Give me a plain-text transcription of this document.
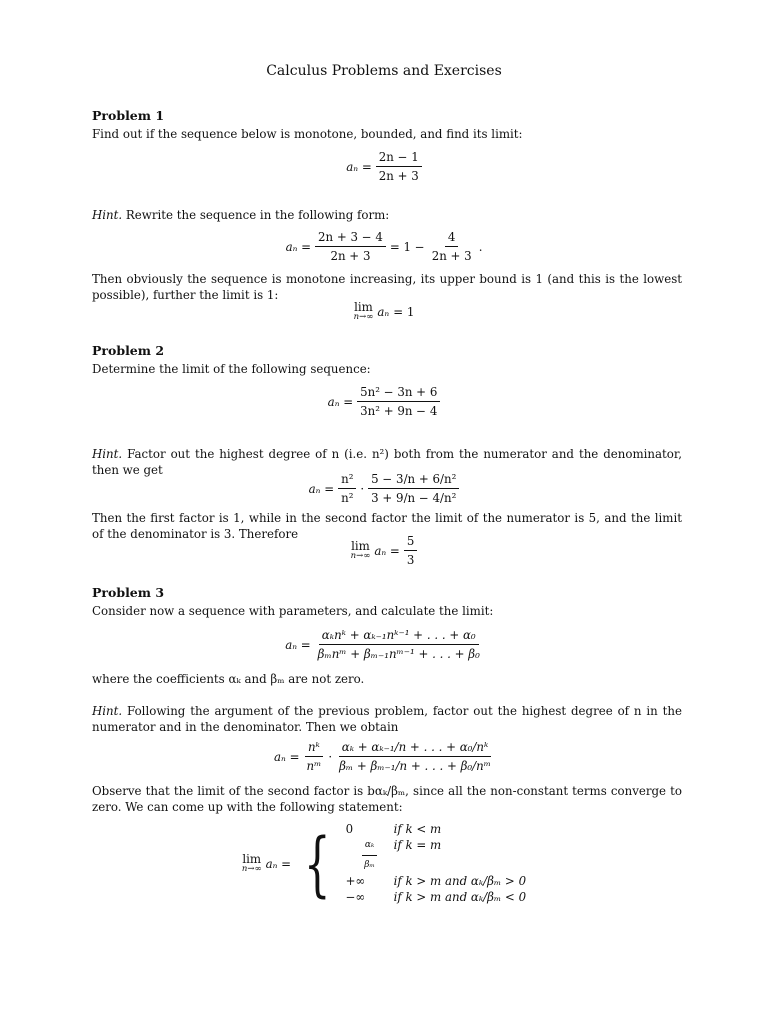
Calculus Problems and Exercises
Problem 1
Find out if the sequence below is monotone, bounded, and find its limit:
$a_n = \frac{2n - 1}{2n + 3}$
Hint. Rewrite the sequence in the following form:
$a_n = \frac{2n + 3 - 4}{2n + 3} = 1 - \frac{4}{2n + 3}$ .
Then obviously the sequence is monotone increasing, its upper bound is 1 (and this is the lowest possible), further the limit is 1:
lim
n→∞ aₙ = 1
Problem 2
Determine the limit of the following sequence:
$a_n = \frac{\text{5n² − 3n + 6}}{\text{3n² + 9n − 4}}$
Hint. Factor out the highest degree of n (i.e. n²) both from the numerator and the denominator, then we get
$a_n = \frac{\text{n²}}{\text{n²}} \cdot \frac{\text{5 − 3/n + 6/n²}}{\text{3 + 9/n − 4/n²}}$
Then the first factor is 1, while in the second factor the limit of the numerator is 5, and the limit of the denominator is 3. Therefore
lim
n→∞ $a_n = \frac{5}{3}$
Problem 3
Consider now a sequence with parameters, and calculate the limit:
$a_n = \frac{\text{αₖnᵏ + αₖ₋₁nᵏ⁻¹ + . . . + α₀}}{\text{βₘnᵐ + βₘ₋₁nᵐ⁻¹ + . . . + β₀}}$
where the coefficients αₖ and βₘ are not zero.
Hint. Following the argument of the previous problem, factor out the highest degree of n in the numerator and in the denominator. Then we obtain
$a_n = \frac{\text{nᵏ}}{\text{nᵐ}} \cdot \frac{\text{αₖ + αₖ₋₁/n + . . . + α₀/nᵏ}}{\text{βₘ + βₘ₋₁/n + . . . + β₀/nᵐ}}$
Observe that the limit of the second factor is bαₖ/βₘ, since all the non-constant terms converge to zero. We can come up with the following statement:
lim
n→∞ aₙ = { 0	if k < m
$\frac{\text{αₖ}}{\text{βₘ}}$ if k = m
+∞	if k > m and αₖ/βₘ > 0
−∞	if k > m and αₖ/βₘ < 0
